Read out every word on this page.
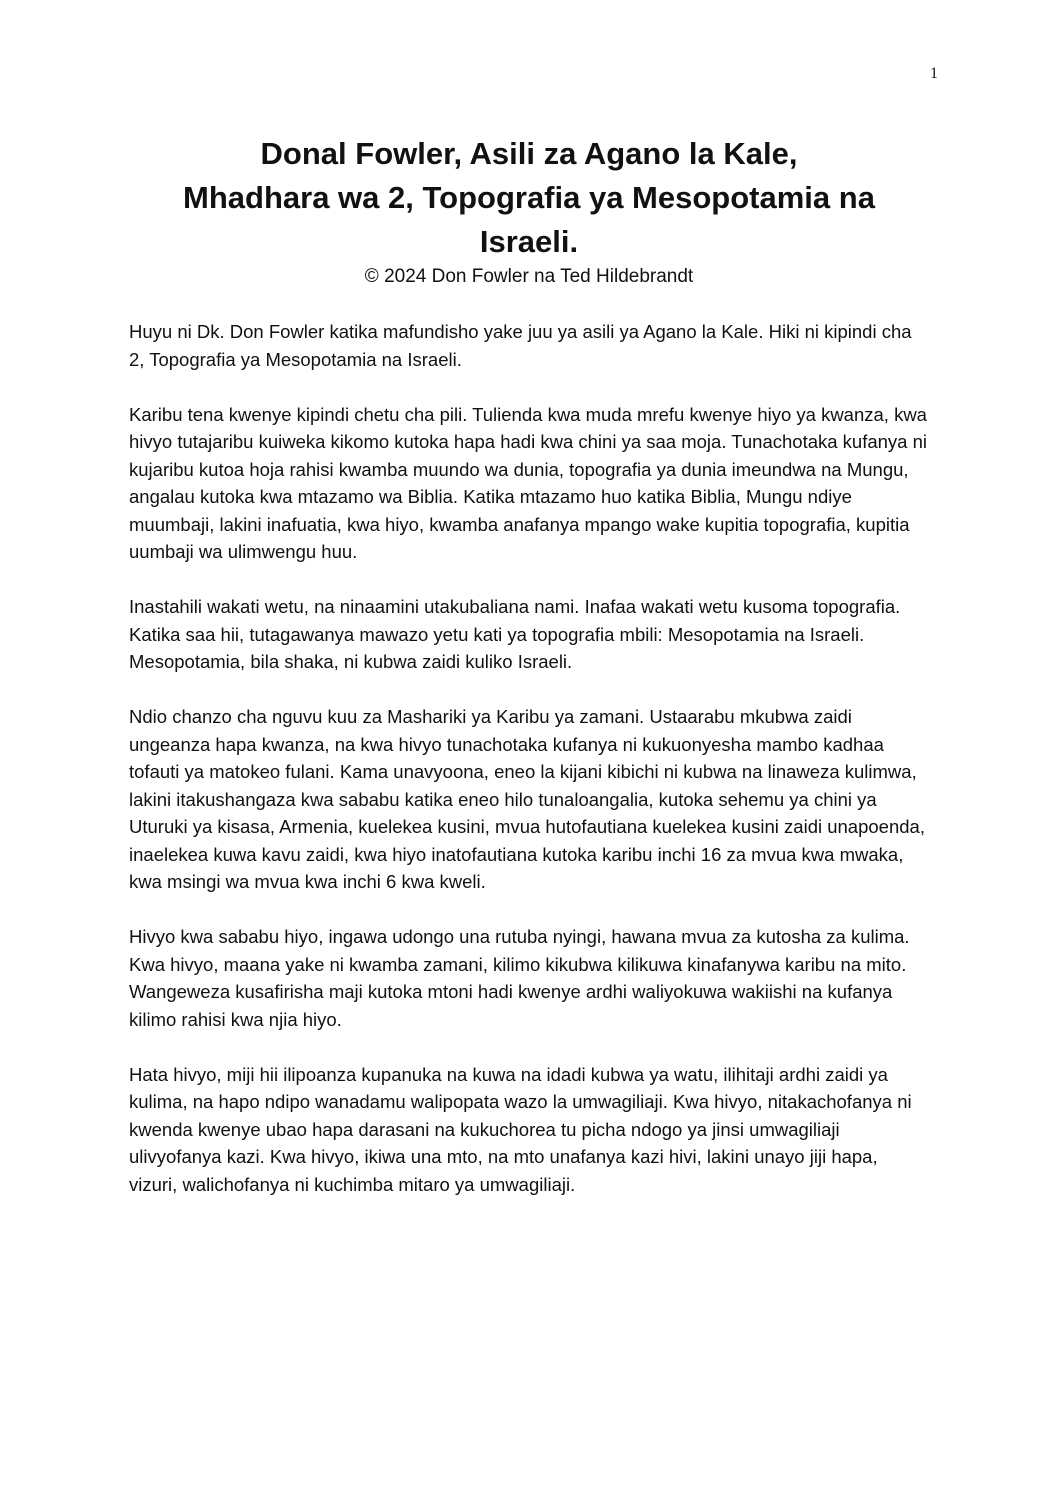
1
Donal Fowler, Asili za Agano la Kale,
Mhadhara wa 2, Topografia ya Mesopotamia na
Israeli.
© 2024 Don Fowler na Ted Hildebrandt

Huyu ni Dk. Don Fowler katika mafundisho yake juu ya asili ya Agano la Kale. Hiki ni kipindi cha 2, Topografia ya Mesopotamia na Israeli.

Karibu tena kwenye kipindi chetu cha pili. Tulienda kwa muda mrefu kwenye hiyo ya kwanza, kwa hivyo tutajaribu kuiweka kikomo kutoka hapa hadi kwa chini ya saa moja. Tunachotaka kufanya ni kujaribu kutoa hoja rahisi kwamba muundo wa dunia, topografia ya dunia imeundwa na Mungu, angalau kutoka kwa mtazamo wa Biblia. Katika mtazamo huo katika Biblia, Mungu ndiye muumbaji, lakini inafuatia, kwa hiyo, kwamba anafanya mpango wake kupitia topografia, kupitia uumbaji wa ulimwengu huu.

Inastahili wakati wetu, na ninaamini utakubaliana nami. Inafaa wakati wetu kusoma topografia. Katika saa hii, tutagawanya mawazo yetu kati ya topografia mbili: Mesopotamia na Israeli. Mesopotamia, bila shaka, ni kubwa zaidi kuliko Israeli.

Ndio chanzo cha nguvu kuu za Mashariki ya Karibu ya zamani. Ustaarabu mkubwa zaidi ungeanza hapa kwanza, na kwa hivyo tunachotaka kufanya ni kukuonyesha mambo kadhaa tofauti ya matokeo fulani. Kama unavyoona, eneo la kijani kibichi ni kubwa na linaweza kulimwa, lakini itakushangaza kwa sababu katika eneo hilo tunaloangalia, kutoka sehemu ya chini ya Uturuki ya kisasa, Armenia, kuelekea kusini, mvua hutofautiana kuelekea kusini zaidi unapoenda, inaelekea kuwa kavu zaidi, kwa hiyo inatofautiana kutoka karibu inchi 16 za mvua kwa mwaka, kwa msingi wa mvua kwa inchi 6 kwa kweli.

Hivyo kwa sababu hiyo, ingawa udongo una rutuba nyingi, hawana mvua za kutosha za kulima. Kwa hivyo, maana yake ni kwamba zamani, kilimo kikubwa kilikuwa kinafanywa karibu na mito. Wangeweza kusafirisha maji kutoka mtoni hadi kwenye ardhi waliyokuwa wakiishi na kufanya kilimo rahisi kwa njia hiyo.

Hata hivyo, miji hii ilipoanza kupanuka na kuwa na idadi kubwa ya watu, ilihitaji ardhi zaidi ya kulima, na hapo ndipo wanadamu walipopata wazo la umwagiliaji. Kwa hivyo, nitakachofanya ni kwenda kwenye ubao hapa darasani na kukuchorea tu picha ndogo ya jinsi umwagiliaji ulivyofanya kazi. Kwa hivyo, ikiwa una mto, na mto unafanya kazi hivi, lakini unayo jiji hapa, vizuri, walichofanya ni kuchimba mitaro ya umwagiliaji.
